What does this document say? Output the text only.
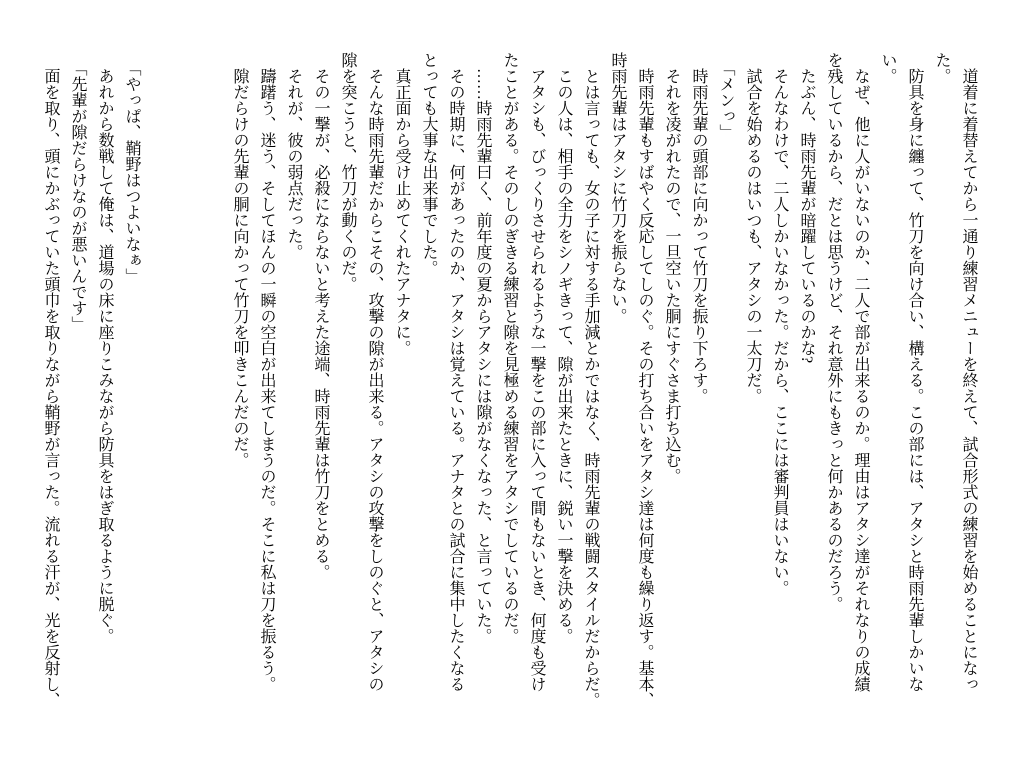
　道着に着替えてから一通り練習メニューを終えて、試合形式の練習を始めることになっ
た。
　防具を身に纏って、竹刀を向け合い、構える。この部には、アタシと時雨先輩しかいな
い。
　なぜ、他に人がいないのか、二人で部が出来るのか。理由はアタシ達がそれなりの成績
を残しているから、だとは思うけど、それ意外にもきっと何かあるのだろう。
　たぶん、時雨先輩が暗躍しているのかな?
　そんなわけで、二人しかいなかった。だから、ここには審判員はいない。
　試合を始めるのはいつも、アタシの一太刀だ。
　「メンっ」
　時雨先輩の頭部に向かって竹刀を振り下ろす。
　それを凌がれたので、一旦空いた胴にすぐさま打ち込む。
　時雨先輩もすばやく反応してしのぐ。その打ち合いをアタシ達は何度も繰り返す。基本、
時雨先輩はアタシに竹刀を振らない。
　とは言っても、女の子に対する手加減とかではなく、時雨先輩の戦闘スタイルだからだ。
　この人は、相手の全力をシノギきって、隙が出来たときに、鋭い一撃を決める。
　アタシも、びっくりさせられるような一撃をこの部に入って間もないとき、何度も受け
たことがある。そのしのぎきる練習と隙を見極める練習をアタシでしているのだ。
　……時雨先輩曰く、前年度の夏からアタシには隙がなくなった、と言っていた。
　その時期に、何があったのか、アタシは覚えている。アナタとの試合に集中したくなる
とっても大事な出来事でした。
　真正面から受け止めてくれたアナタに。
　そんな時雨先輩だからこその、攻撃の隙が出来る。アタシの攻撃をしのぐと、アタシの
隙を突こうと、竹刀が動くのだ。
　その一撃が、必殺にならないと考えた途端、時雨先輩は竹刀をとめる。
　それが、彼の弱点だった。
　躊躇う、迷う、そしてほんの一瞬の空白が出来てしまうのだ。そこに私は刀を振るう。
　隙だらけの先輩の胴に向かって竹刀を叩きこんだのだ。
　「やっぱ、鞘野はつよいなぁ」
　あれから数戦して俺は、道場の床に座りこみながら防具をはぎ取るように脱ぐ。
　「先輩が隙だらけなのが悪いんです」
　面を取り、頭にかぶっていた頭巾を取りながら鞘野が言った。流れる汗が、光を反射し、
